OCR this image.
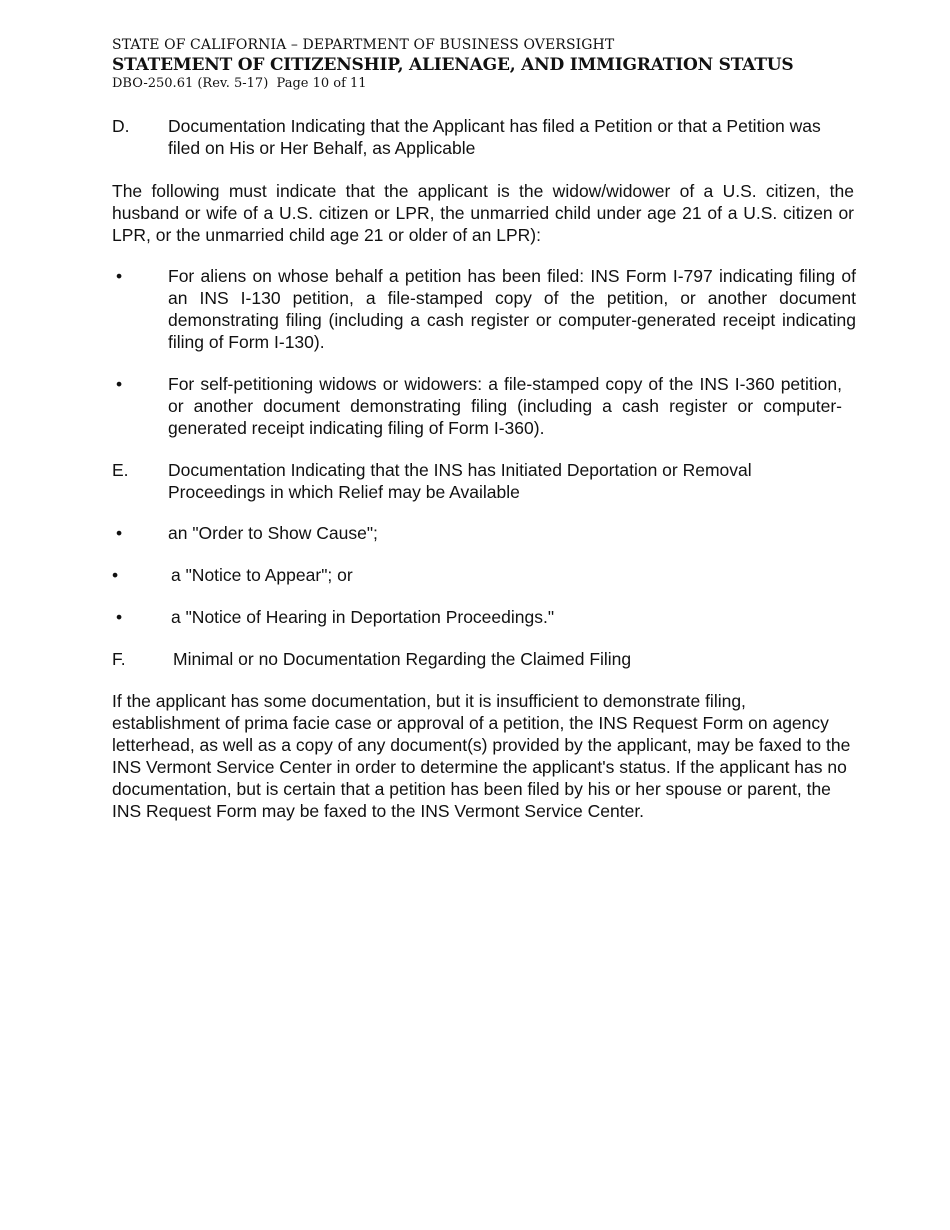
STATE OF CALIFORNIA – DEPARTMENT OF BUSINESS OVERSIGHT
STATEMENT OF CITIZENSHIP, ALIENAGE, AND IMMIGRATION STATUS
DBO-250.61 (Rev. 5-17) Page 10 of 11
D. Documentation Indicating that the Applicant has filed a Petition or that a Petition was filed on His or Her Behalf, as Applicable
The following must indicate that the applicant is the widow/widower of a U.S. citizen, the husband or wife of a U.S. citizen or LPR, the unmarried child under age 21 of a U.S. citizen or LPR, or the unmarried child age 21 or older of an LPR):
•	For aliens on whose behalf a petition has been filed: INS Form I-797 indicating filing of an INS I-130 petition, a file-stamped copy of the petition, or another document demonstrating filing (including a cash register or computer-generated receipt indicating filing of Form I-130).
•	For self-petitioning widows or widowers: a file-stamped copy of the INS I-360 petition, or another document demonstrating filing (including a cash register or computer-generated receipt indicating filing of Form I-360).
E. Documentation Indicating that the INS has Initiated Deportation or Removal Proceedings in which Relief may be Available
•	an "Order to Show Cause";
•	a "Notice to Appear"; or
•	a "Notice of Hearing in Deportation Proceedings."
F.	Minimal or no Documentation Regarding the Claimed Filing
If the applicant has some documentation, but it is insufficient to demonstrate filing, establishment of prima facie case or approval of a petition, the INS Request Form on agency letterhead, as well as a copy of any document(s) provided by the applicant, may be faxed to the INS Vermont Service Center in order to determine the applicant's status. If the applicant has no documentation, but is certain that a petition has been filed by his or her spouse or parent, the INS Request Form may be faxed to the INS Vermont Service Center.
